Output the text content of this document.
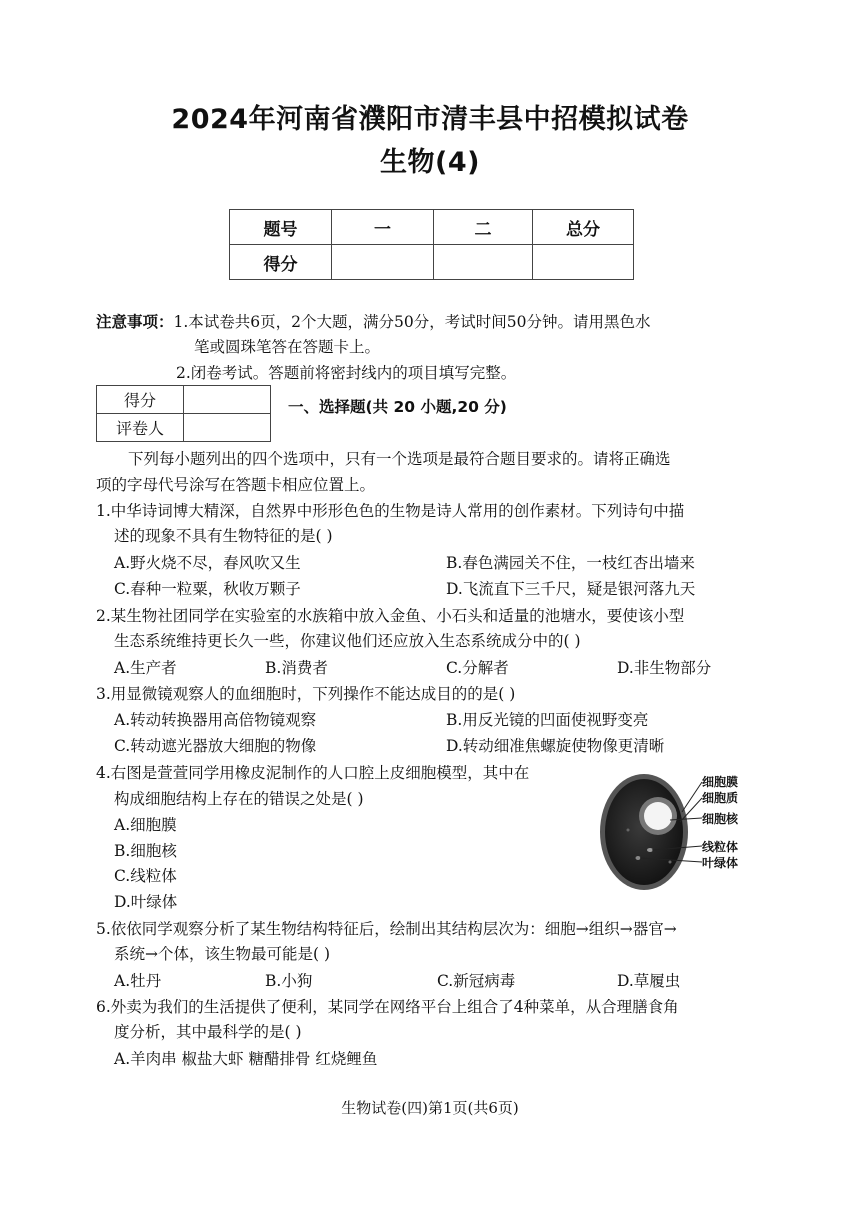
2024年河南省濮阳市清丰县中招模拟试卷
生物(4)
题号	一	二	总分
得分			
注意事项：1.本试卷共6页，2个大题，满分50分，考试时间50分钟。请用黑色水
笔或圆珠笔答在答题卡上。
2.闭卷考试。答题前将密封线内的项目填写完整。
得分	
评卷人	
一、选择题(共 20 小题,20 分)
下列每小题列出的四个选项中，只有一个选项是最符合题目要求的。请将正确选
项的字母代号涂写在答题卡相应位置上。
1.中华诗词博大精深，自然界中形形色色的生物是诗人常用的创作素材。下列诗句中描
述的现象不具有生物特征的是( )
A.野火烧不尽，春风吹又生	B.春色满园关不住，一枝红杏出墙来
C.春种一粒粟，秋收万颗子	D.飞流直下三千尺，疑是银河落九天
2.某生物社团同学在实验室的水族箱中放入金鱼、小石头和适量的池塘水，要使该小型
生态系统维持更长久一些，你建议他们还应放入生态系统成分中的( )
A.生产者	B.消费者	C.分解者	D.非生物部分
3.用显微镜观察人的血细胞时，下列操作不能达成目的的是( )
A.转动转换器用高倍物镜观察	B.用反光镜的凹面使视野变亮
C.转动遮光器放大细胞的物像	D.转动细准焦螺旋使物像更清晰
4.右图是萱萱同学用橡皮泥制作的人口腔上皮细胞模型，其中在
构成细胞结构上存在的错误之处是( )
A.细胞膜
B.细胞核
C.线粒体
D.叶绿体
细胞膜
细胞质
细胞核
线粒体
叶绿体
5.依依同学观察分析了某生物结构特征后，绘制出其结构层次为：细胞→组织→器官→
系统→个体，该生物最可能是( )
A.牡丹	B.小狗	C.新冠病毒	D.草履虫
6.外卖为我们的生活提供了便利，某同学在网络平台上组合了4种菜单，从合理膳食角
度分析，其中最科学的是( )
A.羊肉串 椒盐大虾 糖醋排骨 红烧鲤鱼
生物试卷(四)第1页(共6页)
